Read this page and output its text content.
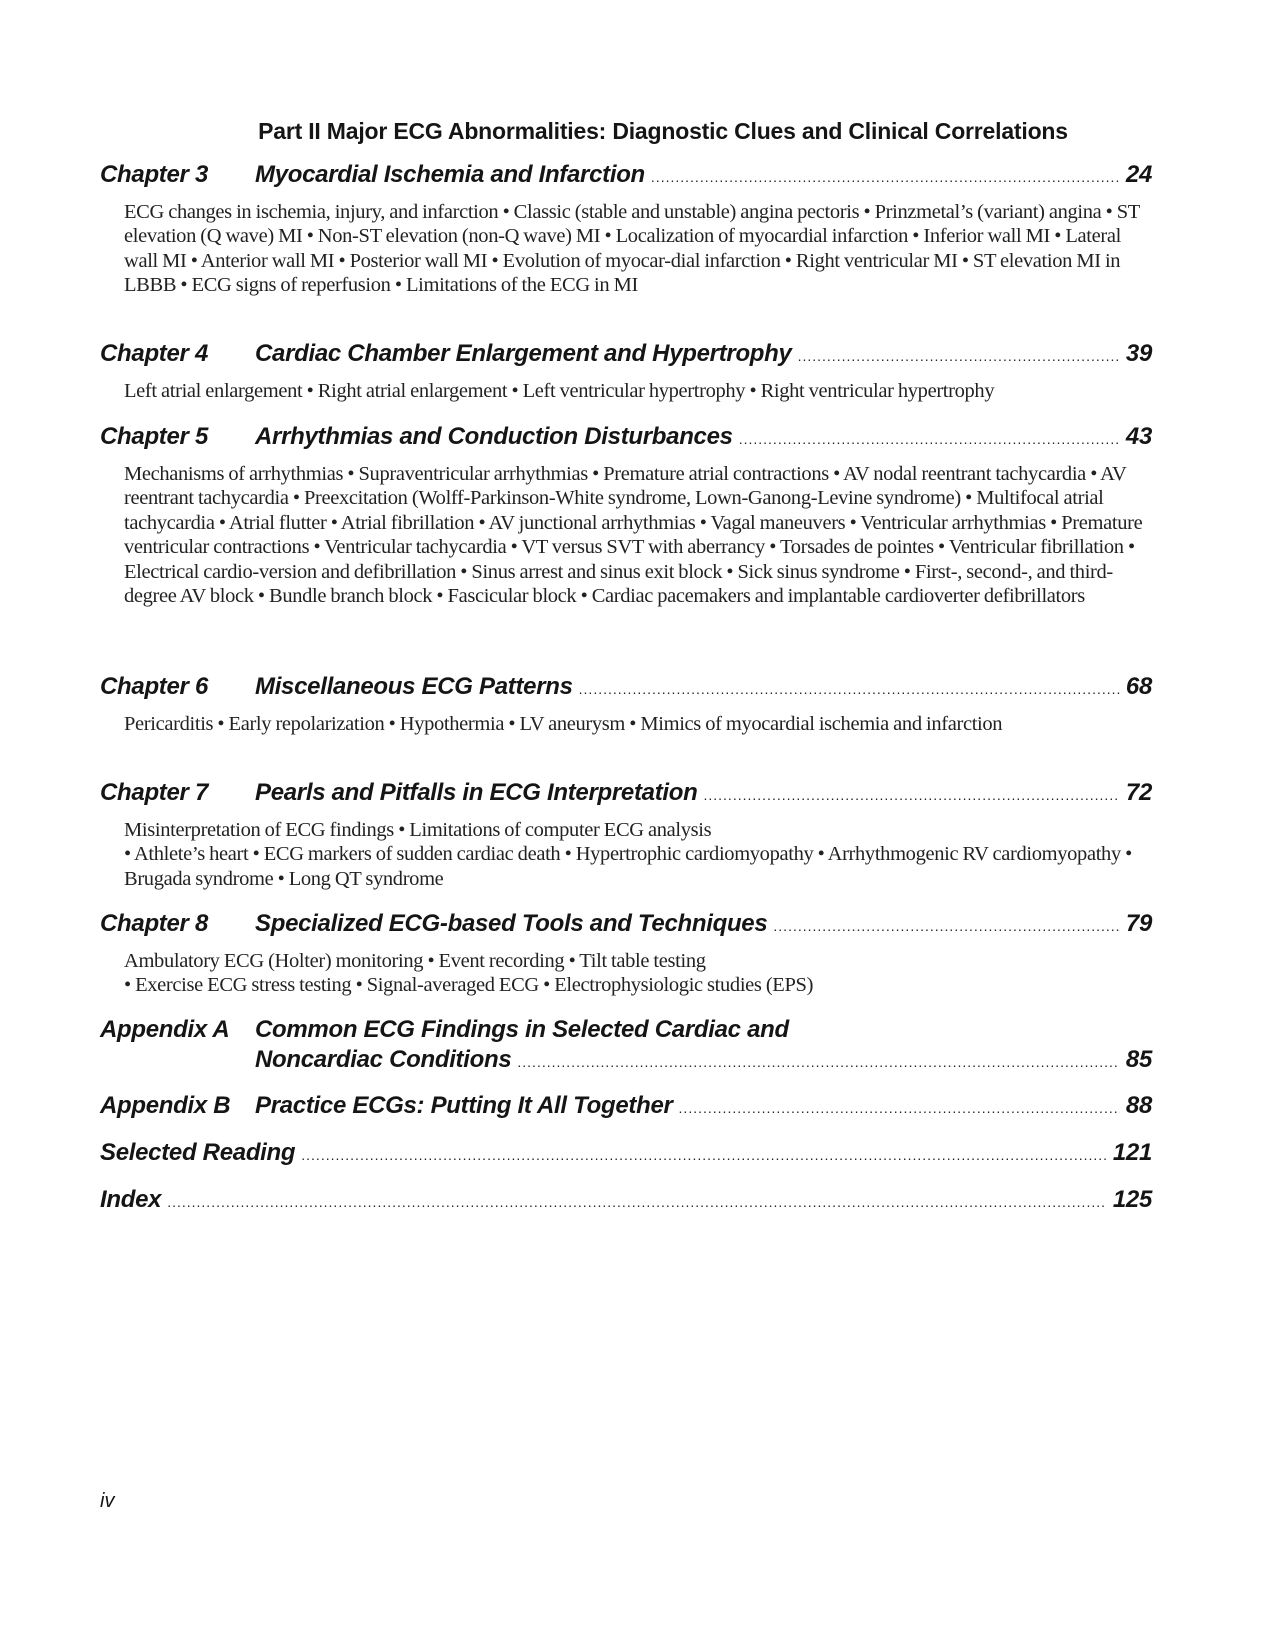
Part II Major ECG Abnormalities: Diagnostic Clues and Clinical Correlations
Chapter 3	Myocardial Ischemia and Infarction .....	24
ECG changes in ischemia, injury, and infarction • Classic (stable and unstable) angina pectoris • Prinzmetal’s (variant) angina • ST elevation (Q wave) MI • Non-ST elevation (non-Q wave) MI • Localization of myocardial infarction • Inferior wall MI • Lateral wall MI • Anterior wall MI • Posterior wall MI • Evolution of myocar-dial infarction • Right ventricular MI • ST elevation MI in LBBB • ECG signs of reperfusion • Limitations of the ECG in MI
Chapter 4	Cardiac Chamber Enlargement and Hypertrophy .....	39
Left atrial enlargement • Right atrial enlargement • Left ventricular hypertrophy • Right ventricular hypertrophy
Chapter 5	Arrhythmias and Conduction Disturbances .....	43
Mechanisms of arrhythmias • Supraventricular arrhythmias • Premature atrial contractions • AV nodal reentrant tachycardia • AV reentrant tachycardia • Preexcitation (Wolff-Parkinson-White syndrome, Lown-Ganong-Levine syndrome) • Multifocal atrial tachycardia • Atrial flutter • Atrial fibrillation • AV junctional arrhythmias • Vagal maneuvers • Ventricular arrhythmias • Premature ventricular contractions • Ventricular tachycardia • VT versus SVT with aberrancy • Torsades de pointes • Ventricular fibrillation • Electrical cardio-version and defibrillation • Sinus arrest and sinus exit block • Sick sinus syndrome • First-, second-, and third-degree AV block • Bundle branch block • Fascicular block • Cardiac pacemakers and implantable cardioverter defibrillators
Chapter 6	Miscellaneous ECG Patterns .....	68
Pericarditis • Early repolarization • Hypothermia • LV aneurysm • Mimics of myocardial ischemia and infarction
Chapter 7	Pearls and Pitfalls in ECG Interpretation .....	72
Misinterpretation of ECG findings • Limitations of computer ECG analysis
• Athlete’s heart • ECG markers of sudden cardiac death • Hypertrophic cardiomyopathy • Arrhythmogenic RV cardiomyopathy • Brugada syndrome • Long QT syndrome
Chapter 8	Specialized ECG-based Tools and Techniques .....	79
Ambulatory ECG (Holter) monitoring • Event recording • Tilt table testing
• Exercise ECG stress testing • Signal-averaged ECG • Electrophysiologic studies (EPS)
Appendix A	Common ECG Findings in Selected Cardiac and
Noncardiac Conditions .....	85
Appendix B	Practice ECGs: Putting It All Together .....	88
Selected Reading .....	121
Index .....	125
iv
